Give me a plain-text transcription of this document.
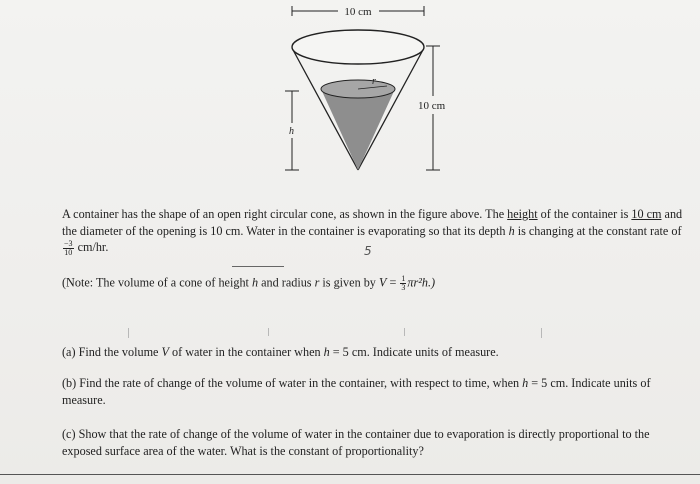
10 cm
r
10 cm
h
A container has the shape of an open right circular cone, as shown in the figure above. The height of the container is 10 cm and the diameter of the opening is 10 cm. Water in the container is evaporating so that its depth h is changing at the constant rate of
$\frac{-3}{10} cm/hr$.	5
(Note: The volume of a cone of height h and radius r is given by $V = \frac{1}{3} \pi r^2h$.)
(a) Find the volume V of water in the container when h = 5 cm. Indicate units of measure.
(b) Find the rate of change of the volume of water in the container, with respect to time, when h = 5 cm. Indicate units of measure.
(c) Show that the rate of change of the volume of water in the container due to evaporation is directly proportional to the exposed surface area of the water. What is the constant of proportionality?
